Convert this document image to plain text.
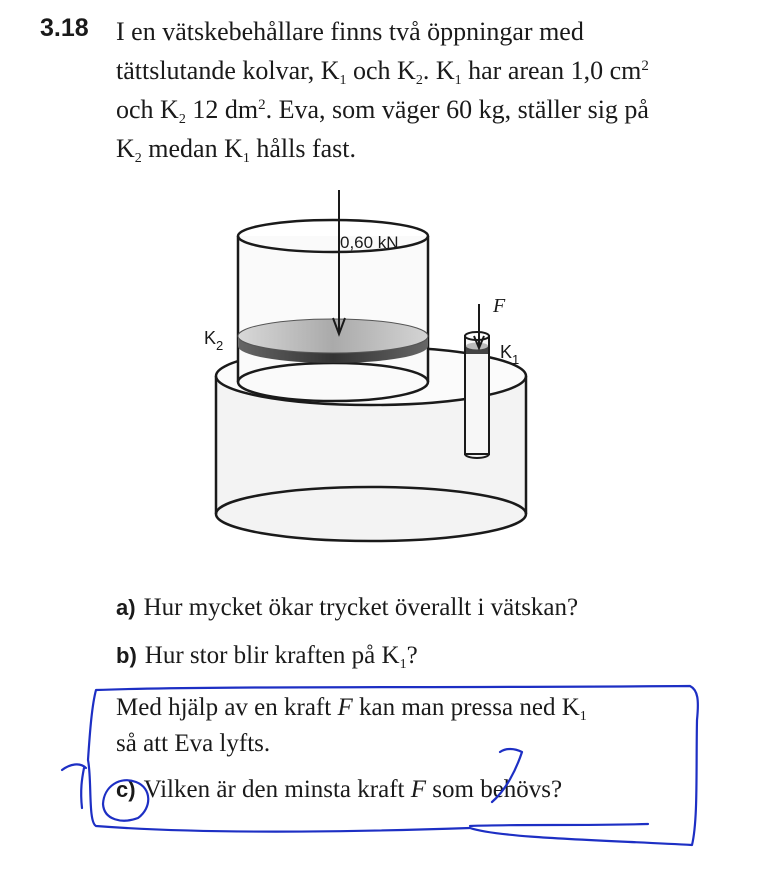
3.18 I en vätskebehållare finns två öppningar med
tättslutande kolvar, $K_1$ och $K_2$. $K_1$ har arean 1,0 $cm^2$
och $K_2$ 12 $dm^2$. Eva, som väger 60 kg, ställer sig på
$K_2$ medan $K_1$ hålls fast.
0,60 kN
F
$K_2$	$K_1$
a) Hur mycket ökar trycket överallt i vätskan?
b) Hur stor blir kraften på $K_1$?
Med hjälp av en kraft F kan man pressa ned $K_1$
så att Eva lyfts.
c) Vilken är den minsta kraft F som behövs?
